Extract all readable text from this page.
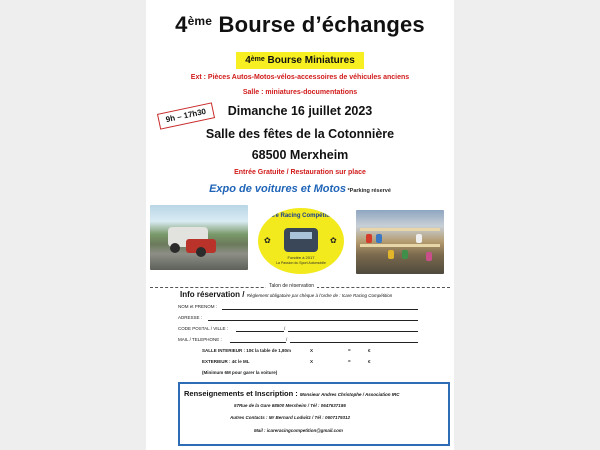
4ème Bourse d’échanges
4ème Bourse Miniatures
Ext : Pièces Autos-Motos-vélos-accessoires de véhicules anciens
Salle : miniatures-documentations
9h – 17h30	Dimanche 16 juillet 2023
Salle des fêtes de la Cotonnière
68500 Merxheim
Entrée Gratuite / Restauration sur place
Expo de voitures et Motos *Parking réservé
Icare Racing Compétition
Fondée à 2017
La Passion du Sport Automobile
✿	✿
Talon de réservation
Info réservation / Règlement obligatoire par chèque à l’ordre de : Icare Racing Compétition
NOM et PRENOM :
ADRESSE :
CODE POSTAL / VILLE :	/
MAIL / TELEPHONE :	/
SALLE INTERIEUR : 10€ la table de 1,80m	X	=	€
EXTERIEUR : 4€ le ML	X	=	€
(Minimum 6M pour garer la voiture)
Renseignements et Inscription : Monsieur Andres Christophe / Association IRC
57Rue de la Gare 68500 Merxheim / Tél : 0647637186
Autres Contacts : Mr Bernard Lodwitz / Tél : 0607179312
Mail : icareracingcompetition@gmail.com
